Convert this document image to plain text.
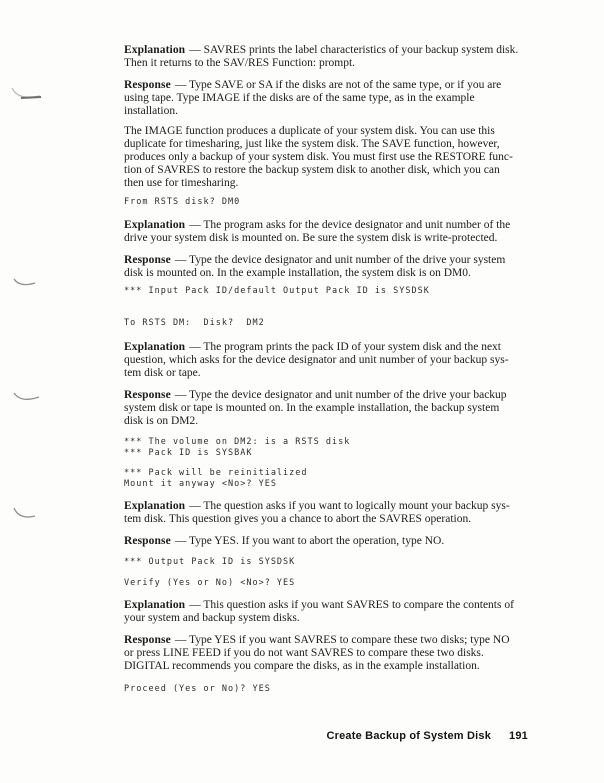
Explanation — SAVRES prints the label characteristics of your backup system disk.
Then it returns to the SAV/RES Function: prompt.
Response — Type SAVE or SA if the disks are not of the same type, or if you are
using tape. Type IMAGE if the disks are of the same type, as in the example
installation.
The IMAGE function produces a duplicate of your system disk. You can use this
duplicate for timesharing, just like the system disk. The SAVE function, however,
produces only a backup of your system disk. You must first use the RESTORE func-
tion of SAVRES to restore the backup system disk to another disk, which you can
then use for timesharing.
From RSTS disk? DM0
Explanation — The program asks for the device designator and unit number of the
drive your system disk is mounted on. Be sure the system disk is write-protected.
Response — Type the device designator and unit number of the drive your system
disk is mounted on. In the example installation, the system disk is on DM0.
*** Input Pack ID/default Output Pack ID is SYSDSK
To RSTS DM:  Disk?  DM2
Explanation — The program prints the pack ID of your system disk and the next
question, which asks for the device designator and unit number of your backup sys-
tem disk or tape.
Response — Type the device designator and unit number of the drive your backup
system disk or tape is mounted on. In the example installation, the backup system
disk is on DM2.
*** The volume on DM2: is a RSTS disk
*** Pack ID is SYSBAK
*** Pack will be reinitialized
Mount it anyway <No>? YES
Explanation — The question asks if you want to logically mount your backup sys-
tem disk. This question gives you a chance to abort the SAVRES operation.
Response — Type YES. If you want to abort the operation, type NO.
*** Output Pack ID is SYSDSK
Verify (Yes or No) <No>? YES
Explanation — This question asks if you want SAVRES to compare the contents of
your system and backup system disks.
Response — Type YES if you want SAVRES to compare these two disks; type NO
or press LINE FEED if you do not want SAVRES to compare these two disks.
DIGITAL recommends you compare the disks, as in the example installation.
Proceed (Yes or No)? YES
Create Backup of System Disk 191
